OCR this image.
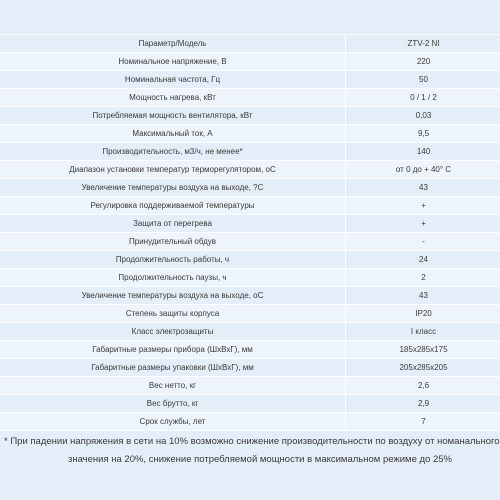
Параметр/Модель	ZTV-2 NI
Номинальное напряжение, В	220
Номинальная частота, Гц	50
Мощность нагрева, кВт	0 / 1 / 2
Потребляемая мощность вентилятора, кВт	0,03
Максимальный ток, А	9,5
Производительность, м3/ч, не менее*	140
Диапазон установки температур терморегулятором, оС	от 0 до + 40° С
Увеличение температуры воздуха на выходе, ?С	43
Регулировка поддерживаемой температуры	+
Защита от перегрева	+
Принудительный обдув	-
Продолжительность работы, ч	24
Продолжительность паузы, ч	2
Увеличение температуры воздуха на выходе, оС	43
Степень защиты корпуса	IP20
Класс электрозащиты	I класс
Габаритные размеры прибора (ШхВхГ), мм	185x285x175
Габаритные размеры упаковки (ШхВхГ), мм	205x285x205
Вес нетто, кг	2,6
Вес брутто, кг	2,9
Срок службы, лет	7
* При падении напряжения в сети на 10% возможно снижение производительности по воздуху от номанального
значения на 20%, снижение потребляемой мощности в максимальном режиме до 25%
